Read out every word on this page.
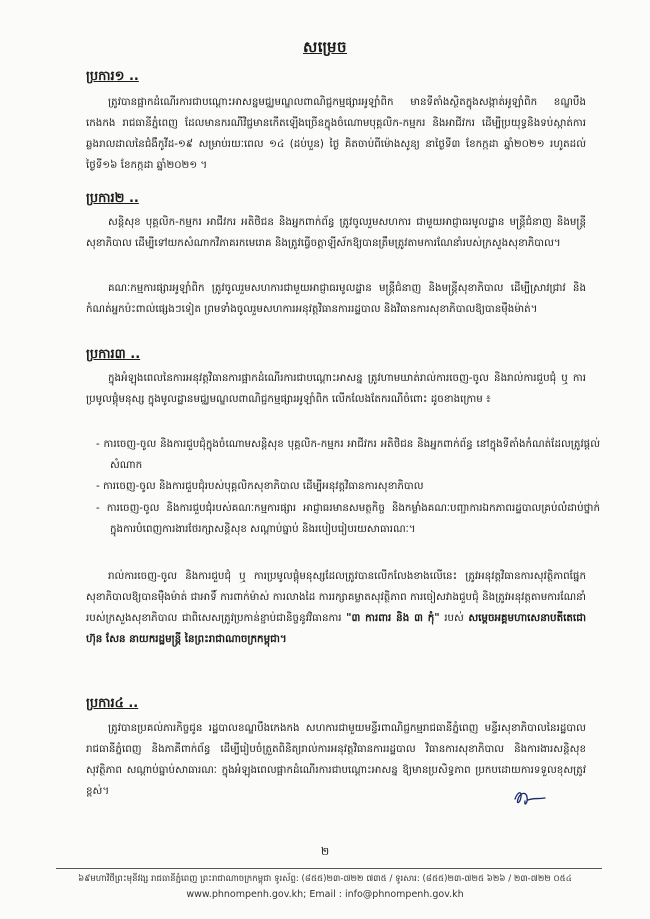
សម្រេច
ប្រការ១ ..

ត្រូវបានផ្អាកដំណើរការជាបណ្តោះអាសន្នមជ្ឈមណ្ឌលពាណិជ្ជកម្មផ្សារអូឡាំពិក មានទីតាំងស្ថិតក្នុងសង្កាត់អូឡាំពិក ខណ្ឌបឹងកេងកង រាជធានីភ្នំពេញ ដែលមានករណីវិជ្ជមានកើតឡើងច្រើនក្នុងចំណោមបុគ្គលិក-កម្មករ និងអាជីវករ ដើម្បីប្រយុទ្ធនិងទប់ស្កាត់ការឆ្លងរាលដាលនៃជំងឺកូវីដ-១៩ សម្រាប់រយៈពេល ១៤ (ដប់បួន) ថ្ងៃ គិតចាប់ពីម៉ោងសូន្យ នាថ្ងៃទី៣ ខែកក្កដា ឆ្នាំ២០២១ រហូតដល់ថ្ងៃទី១៦ ខែកក្កដា ឆ្នាំ២០២១ ។

ប្រការ២ ..

សន្តិសុខ បុគ្គលិក-កម្មករ អាជីវករ អតិថិជន និងអ្នកពាក់ព័ន្ធ ត្រូវចូលរួមសហការ ជាមួយអាជ្ញាធរមូលដ្ឋាន មន្ត្រីជំនាញ និងមន្ត្រីសុខាភិបាល ដើម្បីទៅយកសំណាកវិភាគរកមេរោគ និងត្រូវធ្វើចត្តាឡីស័កឱ្យបានត្រឹមត្រូវតាមការណែនាំរបស់ក្រសួងសុខាភិបាល។

គណៈកម្មការផ្សារអូឡាំពិក ត្រូវចូលរួមសហការជាមួយអាជ្ញាធរមូលដ្ឋាន មន្ត្រីជំនាញ និងមន្ត្រីសុខាភិបាល ដើម្បីស្រាវជ្រាវ និងកំណត់អ្នកប៉ះពាល់ផ្សេងៗទៀត ព្រមទាំងចូលរួមសហការអនុវត្តវិធានការរដ្ឋបាល និងវិធានការសុខាភិបាលឱ្យបានម៉ឺងម៉ាត់។

ប្រការ៣ ..

ក្នុងអំឡុងពេលនៃការអនុវត្តវិធានការផ្អាកដំណើរការជាបណ្តោះអាសន្ន ត្រូវហាមឃាត់រាល់ការចេញ-ចូល និងរាល់ការជួបជុំ ឬ ការប្រមូលផ្តុំមនុស្ស ក្នុងមូលដ្ឋានមជ្ឈមណ្ឌលពាណិជ្ជកម្មផ្សារអូឡាំពិក លើកលែងតែករណីចំពោះ ដូចខាងក្រោម ៖

- ការចេញ-ចូល និងការជួបជុំក្នុងចំណោមសន្តិសុខ បុគ្គលិក-កម្មករ អាជីវករ អតិថិជន និងអ្នកពាក់ព័ន្ធ នៅក្នុងទីតាំងកំណត់ដែលត្រូវផ្តល់សំណាក

- ការចេញ-ចូល និងការជួបជុំរបស់បុគ្គលិកសុខាភិបាល ដើម្បីអនុវត្តវិធានការសុខាភិបាល

- ការចេញ-ចូល និងការជួបជុំរបស់គណៈកម្មការផ្សារ អាជ្ញាធរមានសមត្ថកិច្ច និងកម្លាំងគណៈបញ្ជាការឯកភាពរដ្ឋបាលគ្រប់លំដាប់ថ្នាក់ ក្នុងការបំពេញការងារថែរក្សាសន្តិសុខ សណ្តាប់ធ្នាប់ និងរបៀបរៀបរយសាធារណៈ។

រាល់ការចេញ-ចូល និងការជួបជុំ ឬ ការប្រមូលផ្តុំមនុស្សដែលត្រូវបានលើកលែងខាងលើនេះ ត្រូវអនុវត្តវិធានការសុវត្ថិភាពផ្នែកសុខាភិបាលឱ្យបានម៉ឺងម៉ាត់ ជាអាទិ៍ ការពាក់ម៉ាស់ ការលាងដៃ ការរក្សាគម្លាតសុវត្ថិភាព ការចៀសវាងជួបជុំ និងត្រូវអនុវត្តតាមការណែនាំរបស់ក្រសួងសុខាភិបាល ជាពិសេសត្រូវប្រកាន់ខ្ជាប់ជានិច្ចនូវវិធានការ "៣ ការពារ និង ៣ កុំ" របស់ សម្តេចអគ្គមហាសេនាបតីតេជោ ហ៊ុន សែន នាយករដ្ឋមន្ត្រី នៃព្រះរាជាណាចក្រកម្ពុជា។

ប្រការ៤ ..

ត្រូវបានប្រគល់ភារកិច្ចជូន រដ្ឋបាលខណ្ឌបឹងកេងកង សហការជាមួយមន្ទីរពាណិជ្ជកម្មរាជធានីភ្នំពេញ មន្ទីរសុខាភិបាលនៃរដ្ឋបាលរាជធានីភ្នំពេញ និងភាគីពាក់ព័ន្ធ ដើម្បីរៀបចំត្រួតពិនិត្យរាល់ការអនុវត្តវិធានការរដ្ឋបាល វិធានការសុខាភិបាល និងការងារសន្តិសុខ សុវត្ថិភាព សណ្តាប់ធ្នាប់សាធារណៈ ក្នុងអំឡុងពេលផ្អាកដំណើរការជាបណ្តោះអាសន្ន ឱ្យមានប្រសិទ្ធភាព ប្រកបដោយការទទួលខុសត្រូវខ្ពស់។

២
៦៩មហាវិថីព្រះមុនីវង្ស រាជធានីភ្នំពេញ ព្រះរាជាណាចក្រកម្ពុជា ទូរស័ព្ទ: (៨៥៥)២៣-៧២២ ៧៣៥ / ទូរសារ: (៨៥៥)២៣-៧២៥ ៦២៦ / ២៣-៧២២ ០៥៤
www.phnompenh.gov.kh; Email : info@phnompenh.gov.kh
